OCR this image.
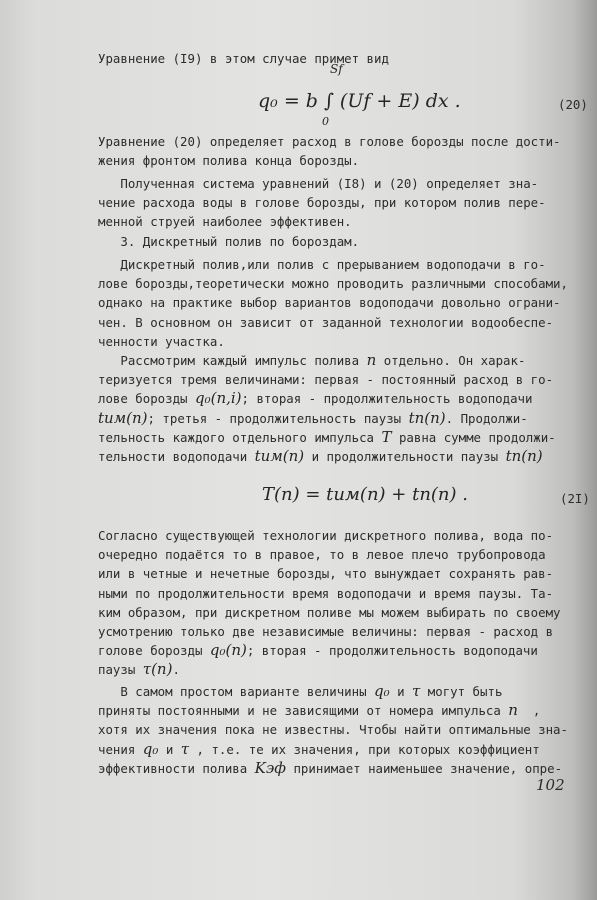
Уравнение (I9) в этом случае примет вид
Sf
q₀ = b ∫ (Uf + E) dx .
0
(20)
Уравнение (20) определяет расход в голове борозды после дости-
жения фронтом полива конца борозды.
Полученная система уравнений (I8) и (20) определяет зна-
чение расхода воды в голове борозды, при котором полив пере-
менной струей наиболее эффективен.
3. Дискретный полив по бороздам.
Дискретный полив,или полив с прерыванием водоподачи в го-
лове борозды,теоретически можно проводить различными способами,
однако на практике выбор вариантов водоподачи довольно ограни-
чен. В основном он зависит от заданной технологии водообеспе-
ченности участка.
Рассмотрим каждый импульс полива n отдельно. Он харак-
теризуется тремя величинами: первая - постоянный расход в го-
лове борозды q₀(n,i); вторая - продолжительность водоподачи
tим(n); третья - продолжительность паузы tп(n). Продолжи-
тельность каждого отдельного импульса T равна сумме продолжи-
тельности водоподачи tим(n) и продолжительности паузы tп(n)
T(n) = tим(n) + tп(n) .	(2I)
Согласно существующей технологии дискретного полива, вода по-
очередно подаётся то в правое, то в левое плечо трубопровода
или в четные и нечетные борозды, что вынуждает сохранять рав-
ными по продолжительности время водоподачи и время паузы. Та-
ким образом, при дискретном поливе мы можем выбирать по своему
усмотрению только две независимые величины: первая - расход в
голове борозды q₀(n); вторая - продолжительность водоподачи
паузы τ(n).
В самом простом варианте величины q₀ и τ могут быть
приняты постоянными и не зависящими от номера импульса n  ,
хотя их значения пока не известны. Чтобы найти оптимальные зна-
чения q₀ и τ , т.е. те их значения, при которых коэффициент
эффективности полива Kэф принимает наименьшее значение, опре-
102
